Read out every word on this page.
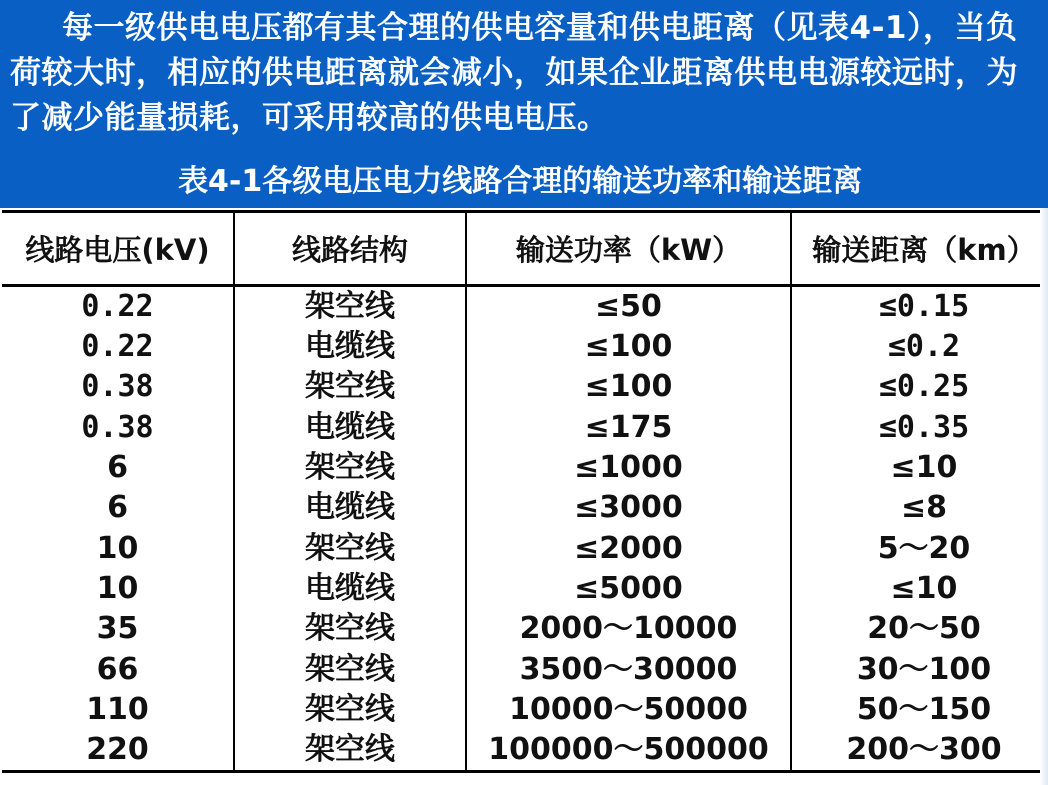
每一级供电电压都有其合理的供电容量和供电距离（见表4-1），当负荷较大时，相应的供电距离就会减小，如果企业距离供电电源较远时，为了减少能量损耗，可采用较高的供电电压。

表4-1各级电压电力线路合理的输送功率和输送距离
线路电压(kV)	线路结构	输送功率（kW）	输送距离（km）
0.22	架空线	≤50	≤0.15
0.22	电缆线	≤100	≤0.2
0.38	架空线	≤100	≤0.25
0.38	电缆线	≤175	≤0.35
6	架空线	≤1000	≤10
6	电缆线	≤3000	≤8
10	架空线	≤2000	5～20
10	电缆线	≤5000	≤10
35	架空线	2000～10000	20～50
66	架空线	3500～30000	30～100
110	架空线	10000～50000	50～150
220	架空线	100000～500000	200～300
